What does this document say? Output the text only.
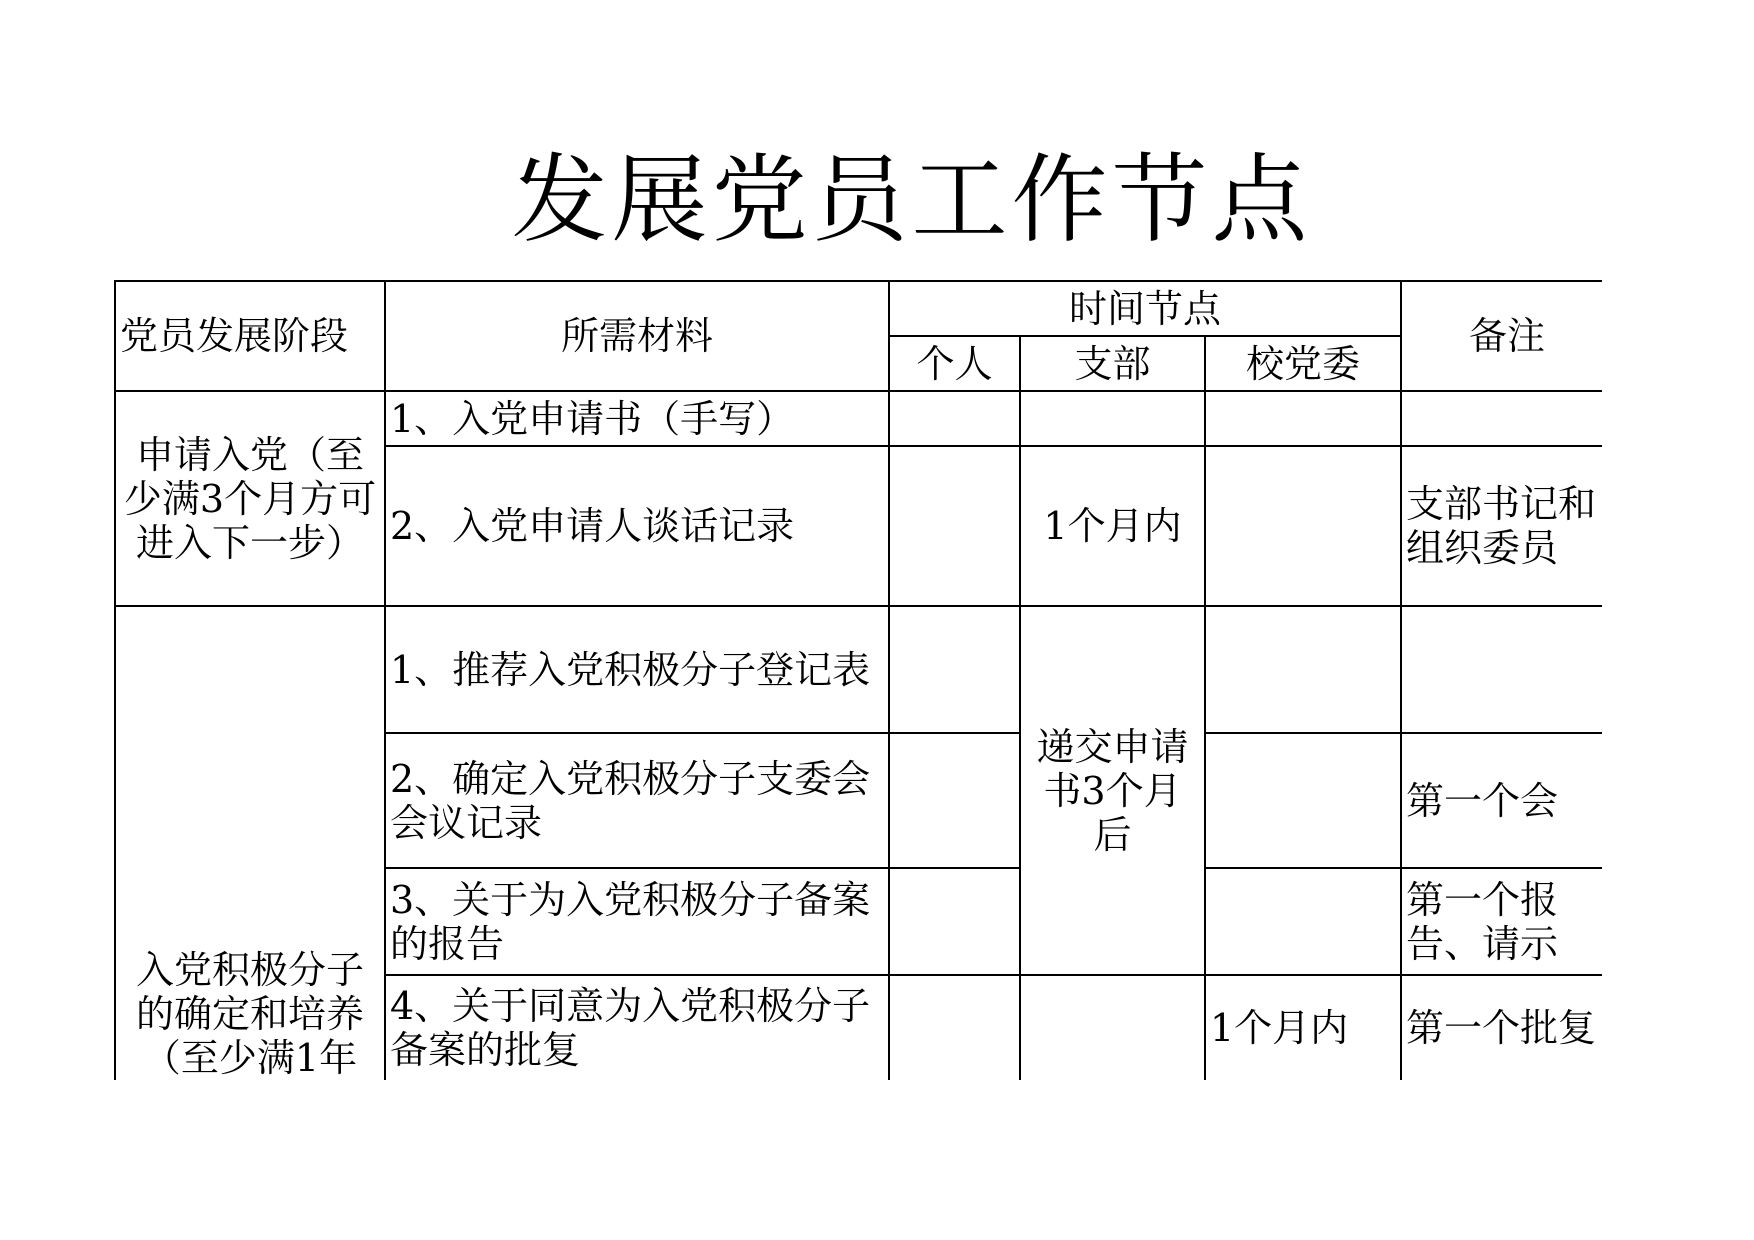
发展党员工作节点
党员发展阶段	所需材料	时间节点			备注
		个人	支部	校党委	
申请入党（至少满3个月方可进入下一步）	1、入党申请书（手写）				
	2、入党申请人谈话记录		1个月内		支部书记和组织委员

入党积极分子的确定和培养（至少满1年	1、推荐入党积极分子登记表		递交申请书3个月后		
	2、确定入党积极分子支委会会议记录				第一个会
	3、关于为入党积极分子备案的报告				第一个报告、请示
	4、关于同意为入党积极分子备案的批复			1个月内	第一个批复
